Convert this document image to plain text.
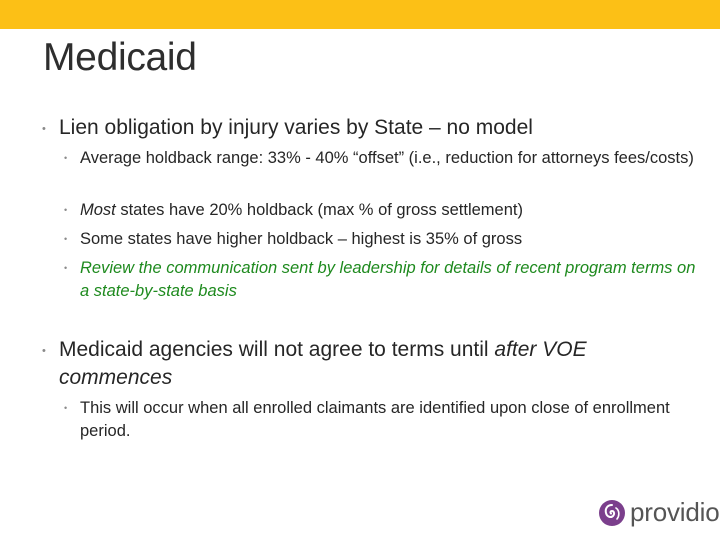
Medicaid
• Lien obligation by injury varies by State – no model
• Average holdback range: 33% - 40% “offset” (i.e., reduction for attorneys fees/costs)
• Most states have 20% holdback (max % of gross settlement)
• Some states have higher holdback – highest is 35% of gross
• Review the communication sent by leadership for details of recent program terms on a state-by-state basis
• Medicaid agencies will not agree to terms until after VOE commences
• This will occur when all enrolled claimants are identified upon close of enrollment period.
providio
